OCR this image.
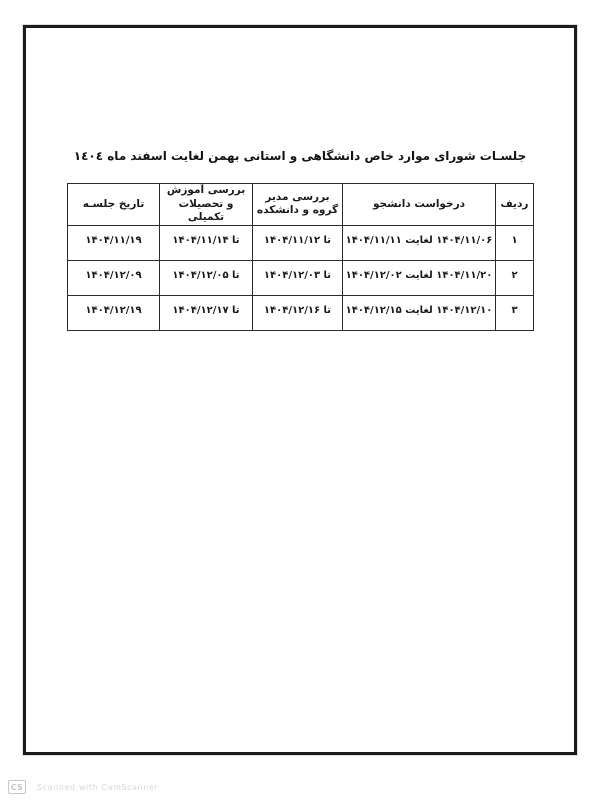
جلسـات شورای موارد خاص دانشگاهی و استانی بهمن لغایت اسفند ماه ١٤٠٤
ردیف	درخواست دانشجو	بررسی مدیر گروه و دانشکده	بررسی آموزش و تحصیلات تکمیلی	تاریخ جلسـه
۱	۱۴۰۴/۱۱/۰۶ لغایت ۱۴۰۴/۱۱/۱۱	تا ۱۴۰۴/۱۱/۱۲	تا ۱۴۰۴/۱۱/۱۴	۱۴۰۴/۱۱/۱۹
۲	۱۴۰۴/۱۱/۲۰ لغایت ۱۴۰۴/۱۲/۰۲	تا ۱۴۰۴/۱۲/۰۳	تا ۱۴۰۴/۱۲/۰۵	۱۴۰۴/۱۲/۰۹
۳	۱۴۰۴/۱۲/۱۰ لغایت ۱۴۰۴/۱۲/۱۵	تا ۱۴۰۴/۱۲/۱۶	تا ۱۴۰۴/۱۲/۱۷	۱۴۰۴/۱۲/۱۹
CS	Scanned with CamScanner
